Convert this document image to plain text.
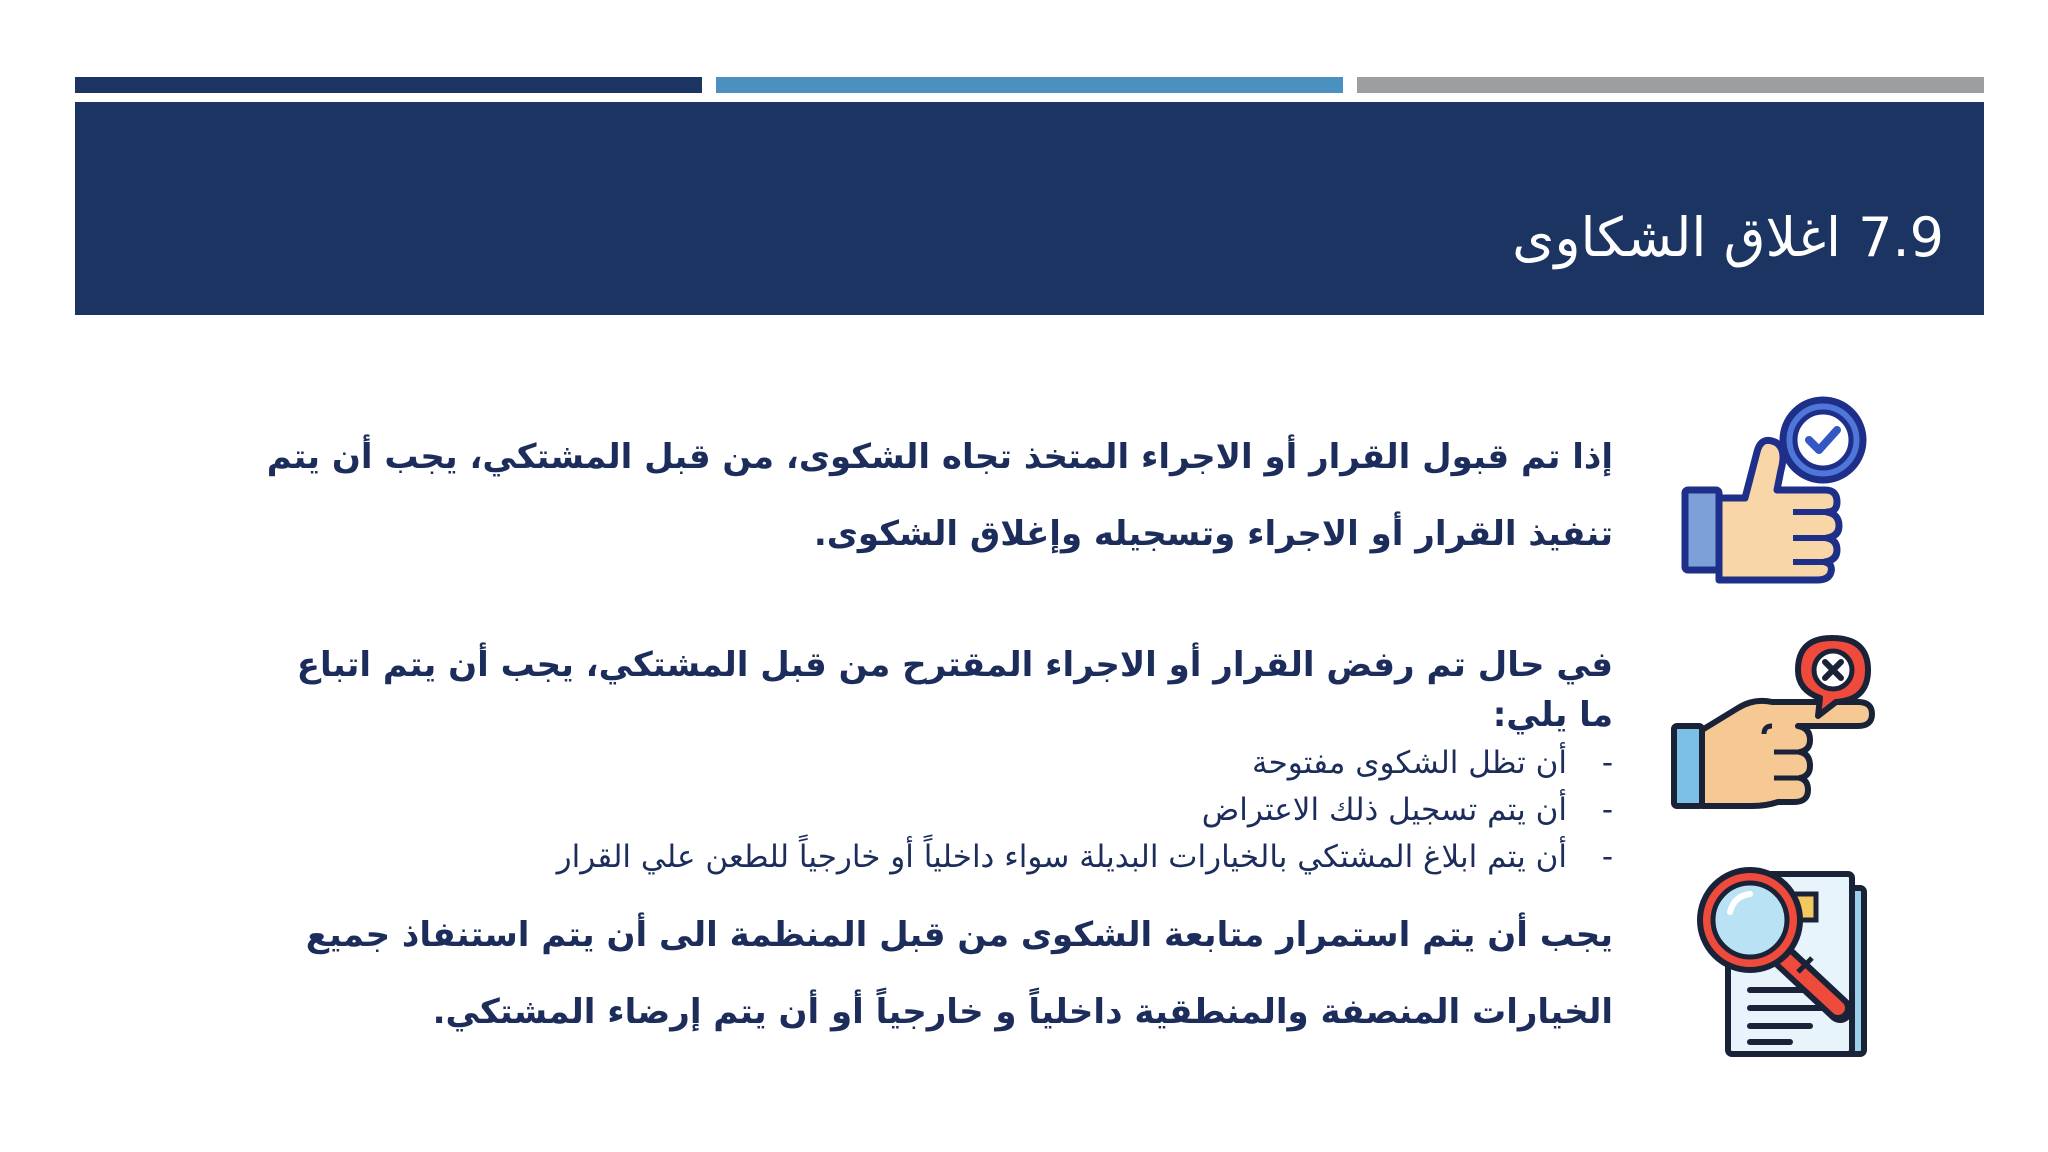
7.9 اغلاق الشكاوى

إذا تم قبول القرار أو الاجراء المتخذ تجاه الشكوى، من قبل المشتكي، يجب أن يتم تنفيذ القرار أو الاجراء وتسجيله وإغلاق الشكوى.

في حال تم رفض القرار أو الاجراء المقترح من قبل المشتكي، يجب أن يتم اتباع ما يلي:

-أن تظل الشكوى مفتوحة
-أن يتم تسجيل ذلك الاعتراض
-أن يتم ابلاغ المشتكي بالخيارات البديلة سواء داخلياً أو خارجياً للطعن علي القرار

يجب أن يتم استمرار متابعة الشكوى من قبل المنظمة الى أن يتم استنفاذ جميع الخيارات المنصفة والمنطقية داخلياً و خارجياً أو أن يتم إرضاء المشتكي.
